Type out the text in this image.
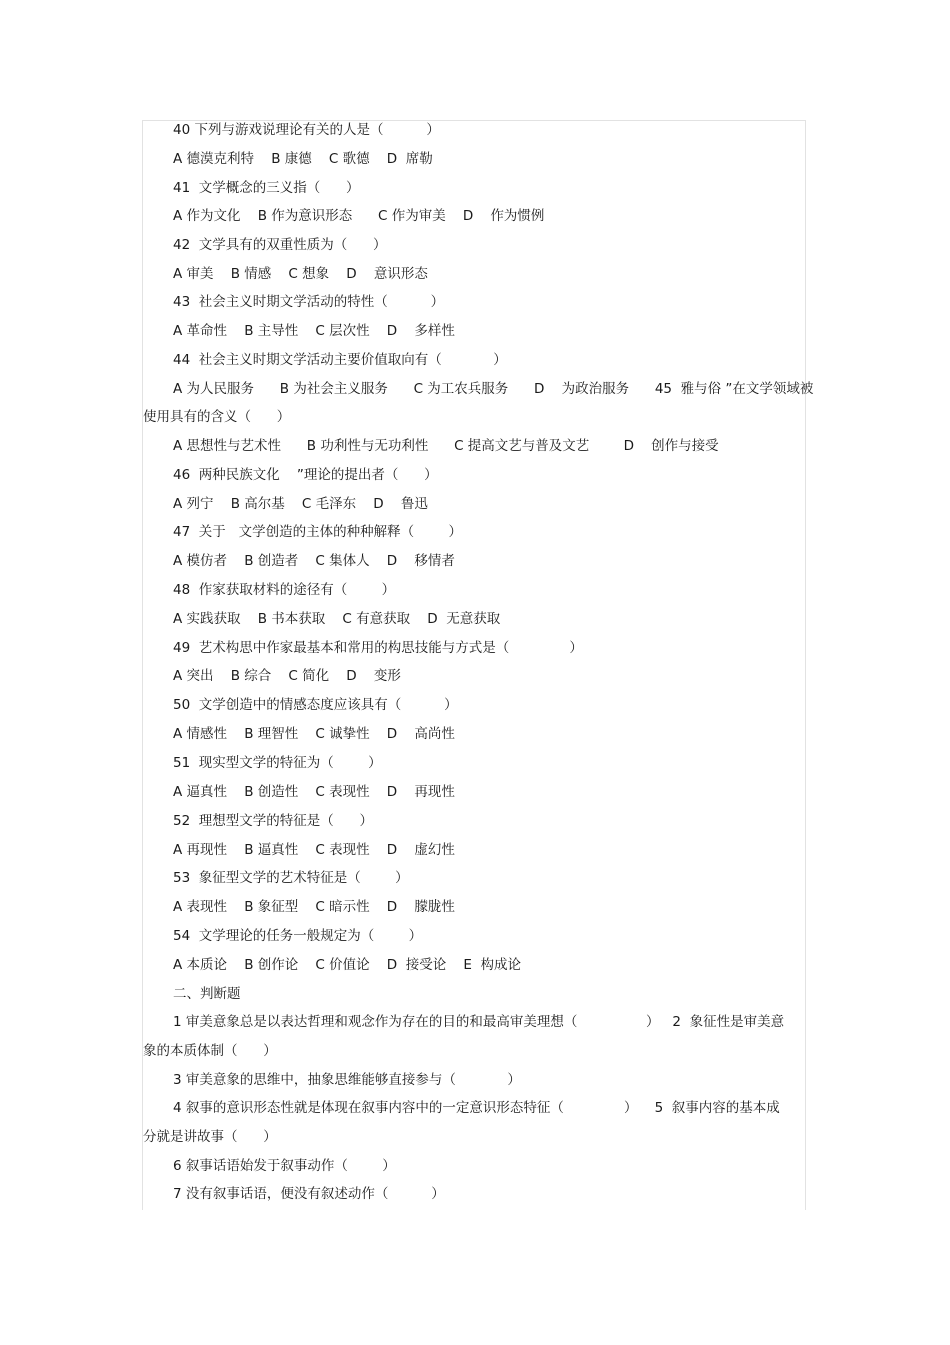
40 下列与游戏说理论有关的人是（          ）
A 德漠克利特    B 康德    C 歌德    D  席勒
41  文学概念的三义指（      ）
A 作为文化    B 作为意识形态      C 作为审美    D    作为惯例
42  文学具有的双重性质为（      ）
A 审美    B 情感    C 想象    D    意识形态
43  社会主义时期文学活动的特性（          ）
A 革命性    B 主导性    C 层次性    D    多样性
44  社会主义时期文学活动主要价值取向有（            ）
A 为人民服务      B 为社会主义服务      C 为工农兵服务      D    为政治服务      45  雅与俗 ”在文学领域被
使用具有的含义（      ）
A 思想性与艺术性      B 功利性与无功利性      C 提高文艺与普及文艺        D    创作与接受
46  两种民族文化    ”理论的提出者（      ）
A 列宁    B 高尔基    C 毛泽东    D    鲁迅
47  关于   文学创造的主体的种种解释（        ）
A 模仿者    B 创造者    C 集体人    D    移情者
48  作家获取材料的途径有（        ）
A 实践获取    B 书本获取    C 有意获取    D  无意获取
49  艺术构思中作家最基本和常用的构思技能与方式是（              ）
A 突出    B 综合    C 简化    D    变形
50  文学创造中的情感态度应该具有（          ）
A 情感性    B 理智性    C 诚挚性    D    高尚性
51  现实型文学的特征为（        ）
A 逼真性    B 创造性    C 表现性    D    再现性
52  理想型文学的特征是（      ）
A 再现性    B 逼真性    C 表现性    D    虚幻性
53  象征型文学的艺术特征是（        ）
A 表现性    B 象征型    C 暗示性    D    朦胧性
54  文学理论的任务一般规定为（        ）
A 本质论    B 创作论    C 价值论    D  接受论    E  构成论
二、判断题
1 审美意象总是以表达哲理和观念作为存在的目的和最高审美理想（                ）   2  象征性是审美意
象的本质体制（      ）
3 审美意象的思维中，抽象思维能够直接参与（            ）
4 叙事的意识形态性就是体现在叙事内容中的一定意识形态特征（              ）    5  叙事内容的基本成
分就是讲故事（      ）
6 叙事话语始发于叙事动作（        ）
7 没有叙事话语，便没有叙述动作（          ）
